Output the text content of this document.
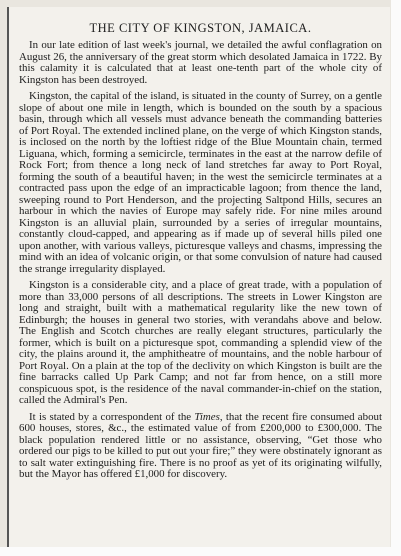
THE CITY OF KINGSTON, JAMAICA.

In our late edition of last week's journal, we detailed the awful conflagration on August 26, the anniversary of the great storm which desolated Jamaica in 1722. By this calamity it is calculated that at least one-tenth part of the whole city of Kingston has been destroyed.

Kingston, the capital of the island, is situated in the county of Surrey, on a gentle slope of about one mile in length, which is bounded on the south by a spacious basin, through which all vessels must advance beneath the commanding batteries of Port Royal. The extended inclined plane, on the verge of which Kingston stands, is inclosed on the north by the loftiest ridge of the Blue Mountain chain, termed Liguana, which, forming a semicircle, terminates in the east at the narrow defile of Rock Fort; from thence a long neck of land stretches far away to Port Royal, forming the south of a beautiful haven; in the west the semicircle terminates at a contracted pass upon the edge of an impracticable lagoon; from thence the land, sweeping round to Port Henderson, and the projecting Saltpond Hills, secures an harbour in which the navies of Europe may safely ride. For nine miles around Kingston is an alluvial plain, surrounded by a series of irregular mountains, constantly cloud-capped, and appearing as if made up of several hills piled one upon another, with various valleys, picturesque valleys and chasms, impressing the mind with an idea of volcanic origin, or that some convulsion of nature had caused the strange irregularity displayed.

Kingston is a considerable city, and a place of great trade, with a population of more than 33,000 persons of all descriptions. The streets in Lower Kingston are long and straight, built with a mathematical regularity like the new town of Edinburgh; the houses in general two stories, with verandahs above and below. The English and Scotch churches are really elegant structures, particularly the former, which is built on a picturesque spot, commanding a splendid view of the city, the plains around it, the amphitheatre of mountains, and the noble harbour of Port Royal. On a plain at the top of the declivity on which Kingston is built are the fine barracks called Up Park Camp; and not far from hence, on a still more conspicuous spot, is the residence of the naval commander-in-chief on the station, called the Admiral's Pen.

It is stated by a correspondent of the Times, that the recent fire consumed about 600 houses, stores, &c., the estimated value of from £200,000 to £300,000. The black population rendered little or no assistance, observing, “Get those who ordered our pigs to be killed to put out your fire;” they were obstinately ignorant as to salt water extinguishing fire. There is no proof as yet of its originating wilfully, but the Mayor has offered £1,000 for discovery.
